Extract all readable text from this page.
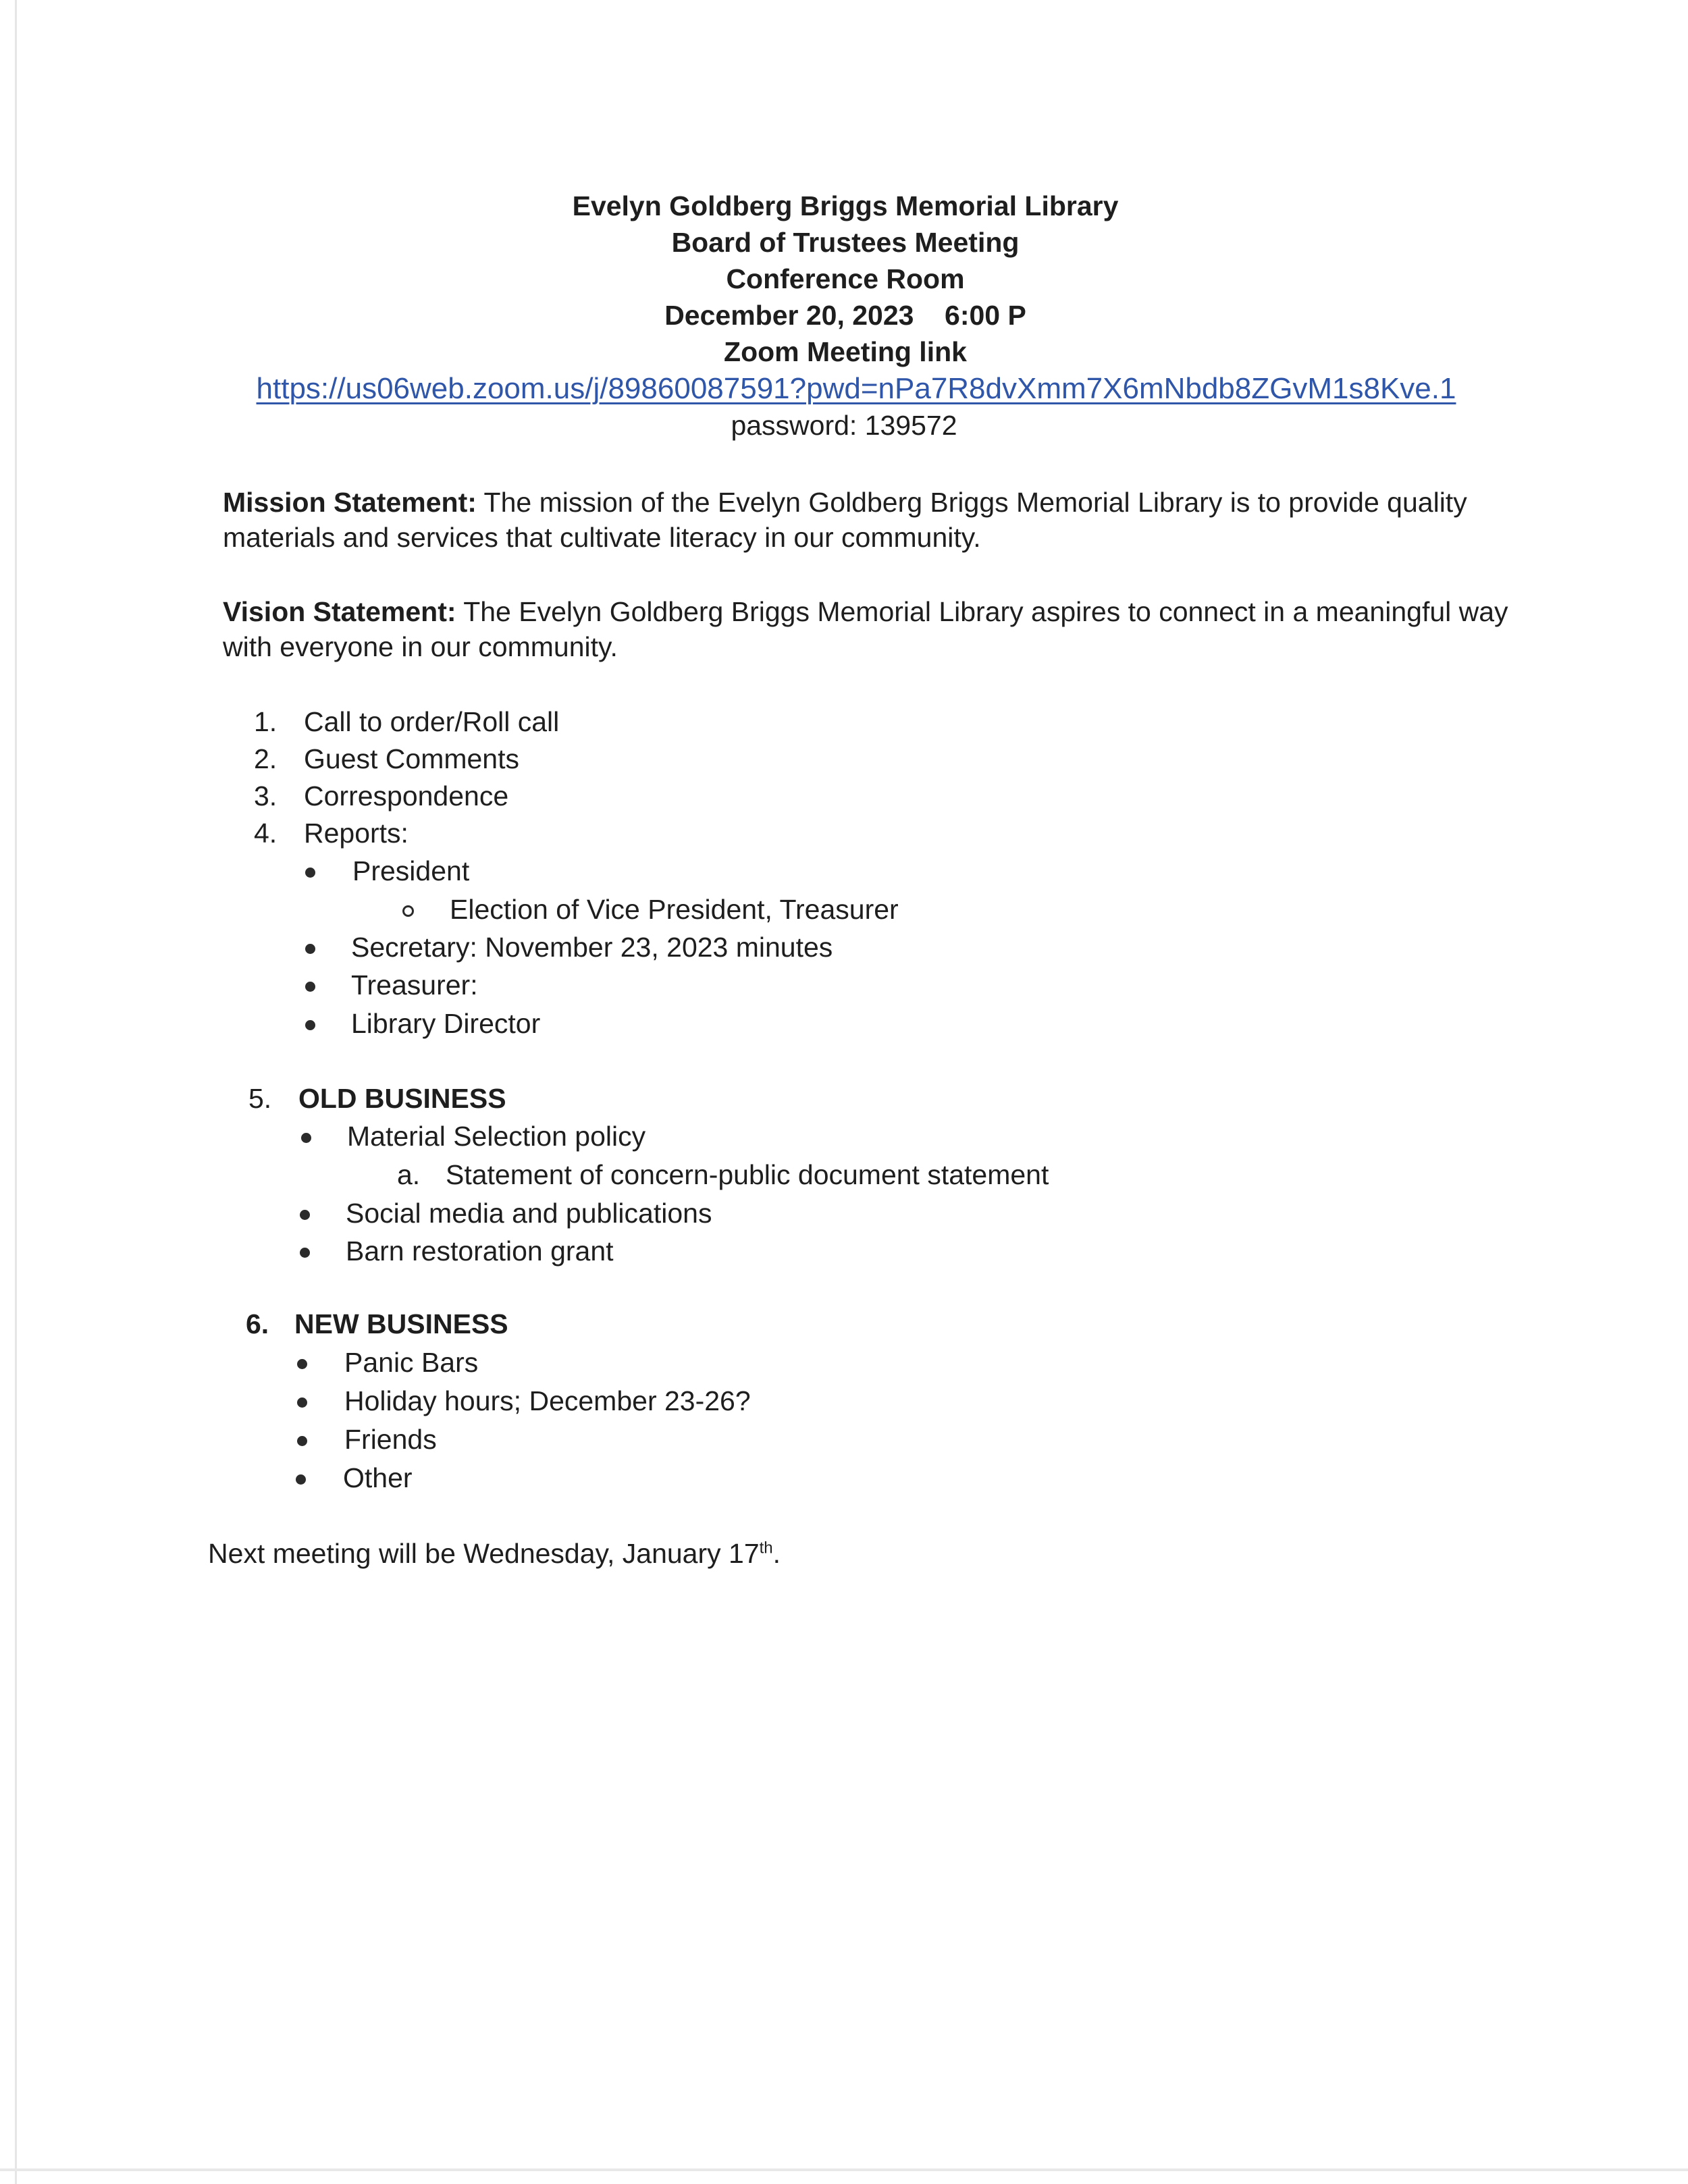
Evelyn Goldberg Briggs Memorial Library
Board of Trustees Meeting
Conference Room
December 20, 2023    6:00 P
Zoom Meeting link
https://us06web.zoom.us/j/89860087591?pwd=nPa7R8dvXmm7X6mNbdb8ZGvM1s8Kve.1
password: 139572
Mission Statement: The mission of the Evelyn Goldberg Briggs Memorial Library is to provide quality materials and services that cultivate literacy in our community.
Vision Statement: The Evelyn Goldberg Briggs Memorial Library aspires to connect in a meaningful way with everyone in our community.
1. Call to order/Roll call
2. Guest Comments
3. Correspondence
4. Reports:
President
Election of Vice President, Treasurer
Secretary: November 23, 2023 minutes
Treasurer:
Library Director
5. OLD BUSINESS
Material Selection policy
a. Statement of concern-public document statement
Social media and publications
Barn restoration grant
6. NEW BUSINESS
Panic Bars
Holiday hours; December 23-26?
Friends
Other
Next meeting will be Wednesday, January 17th.
